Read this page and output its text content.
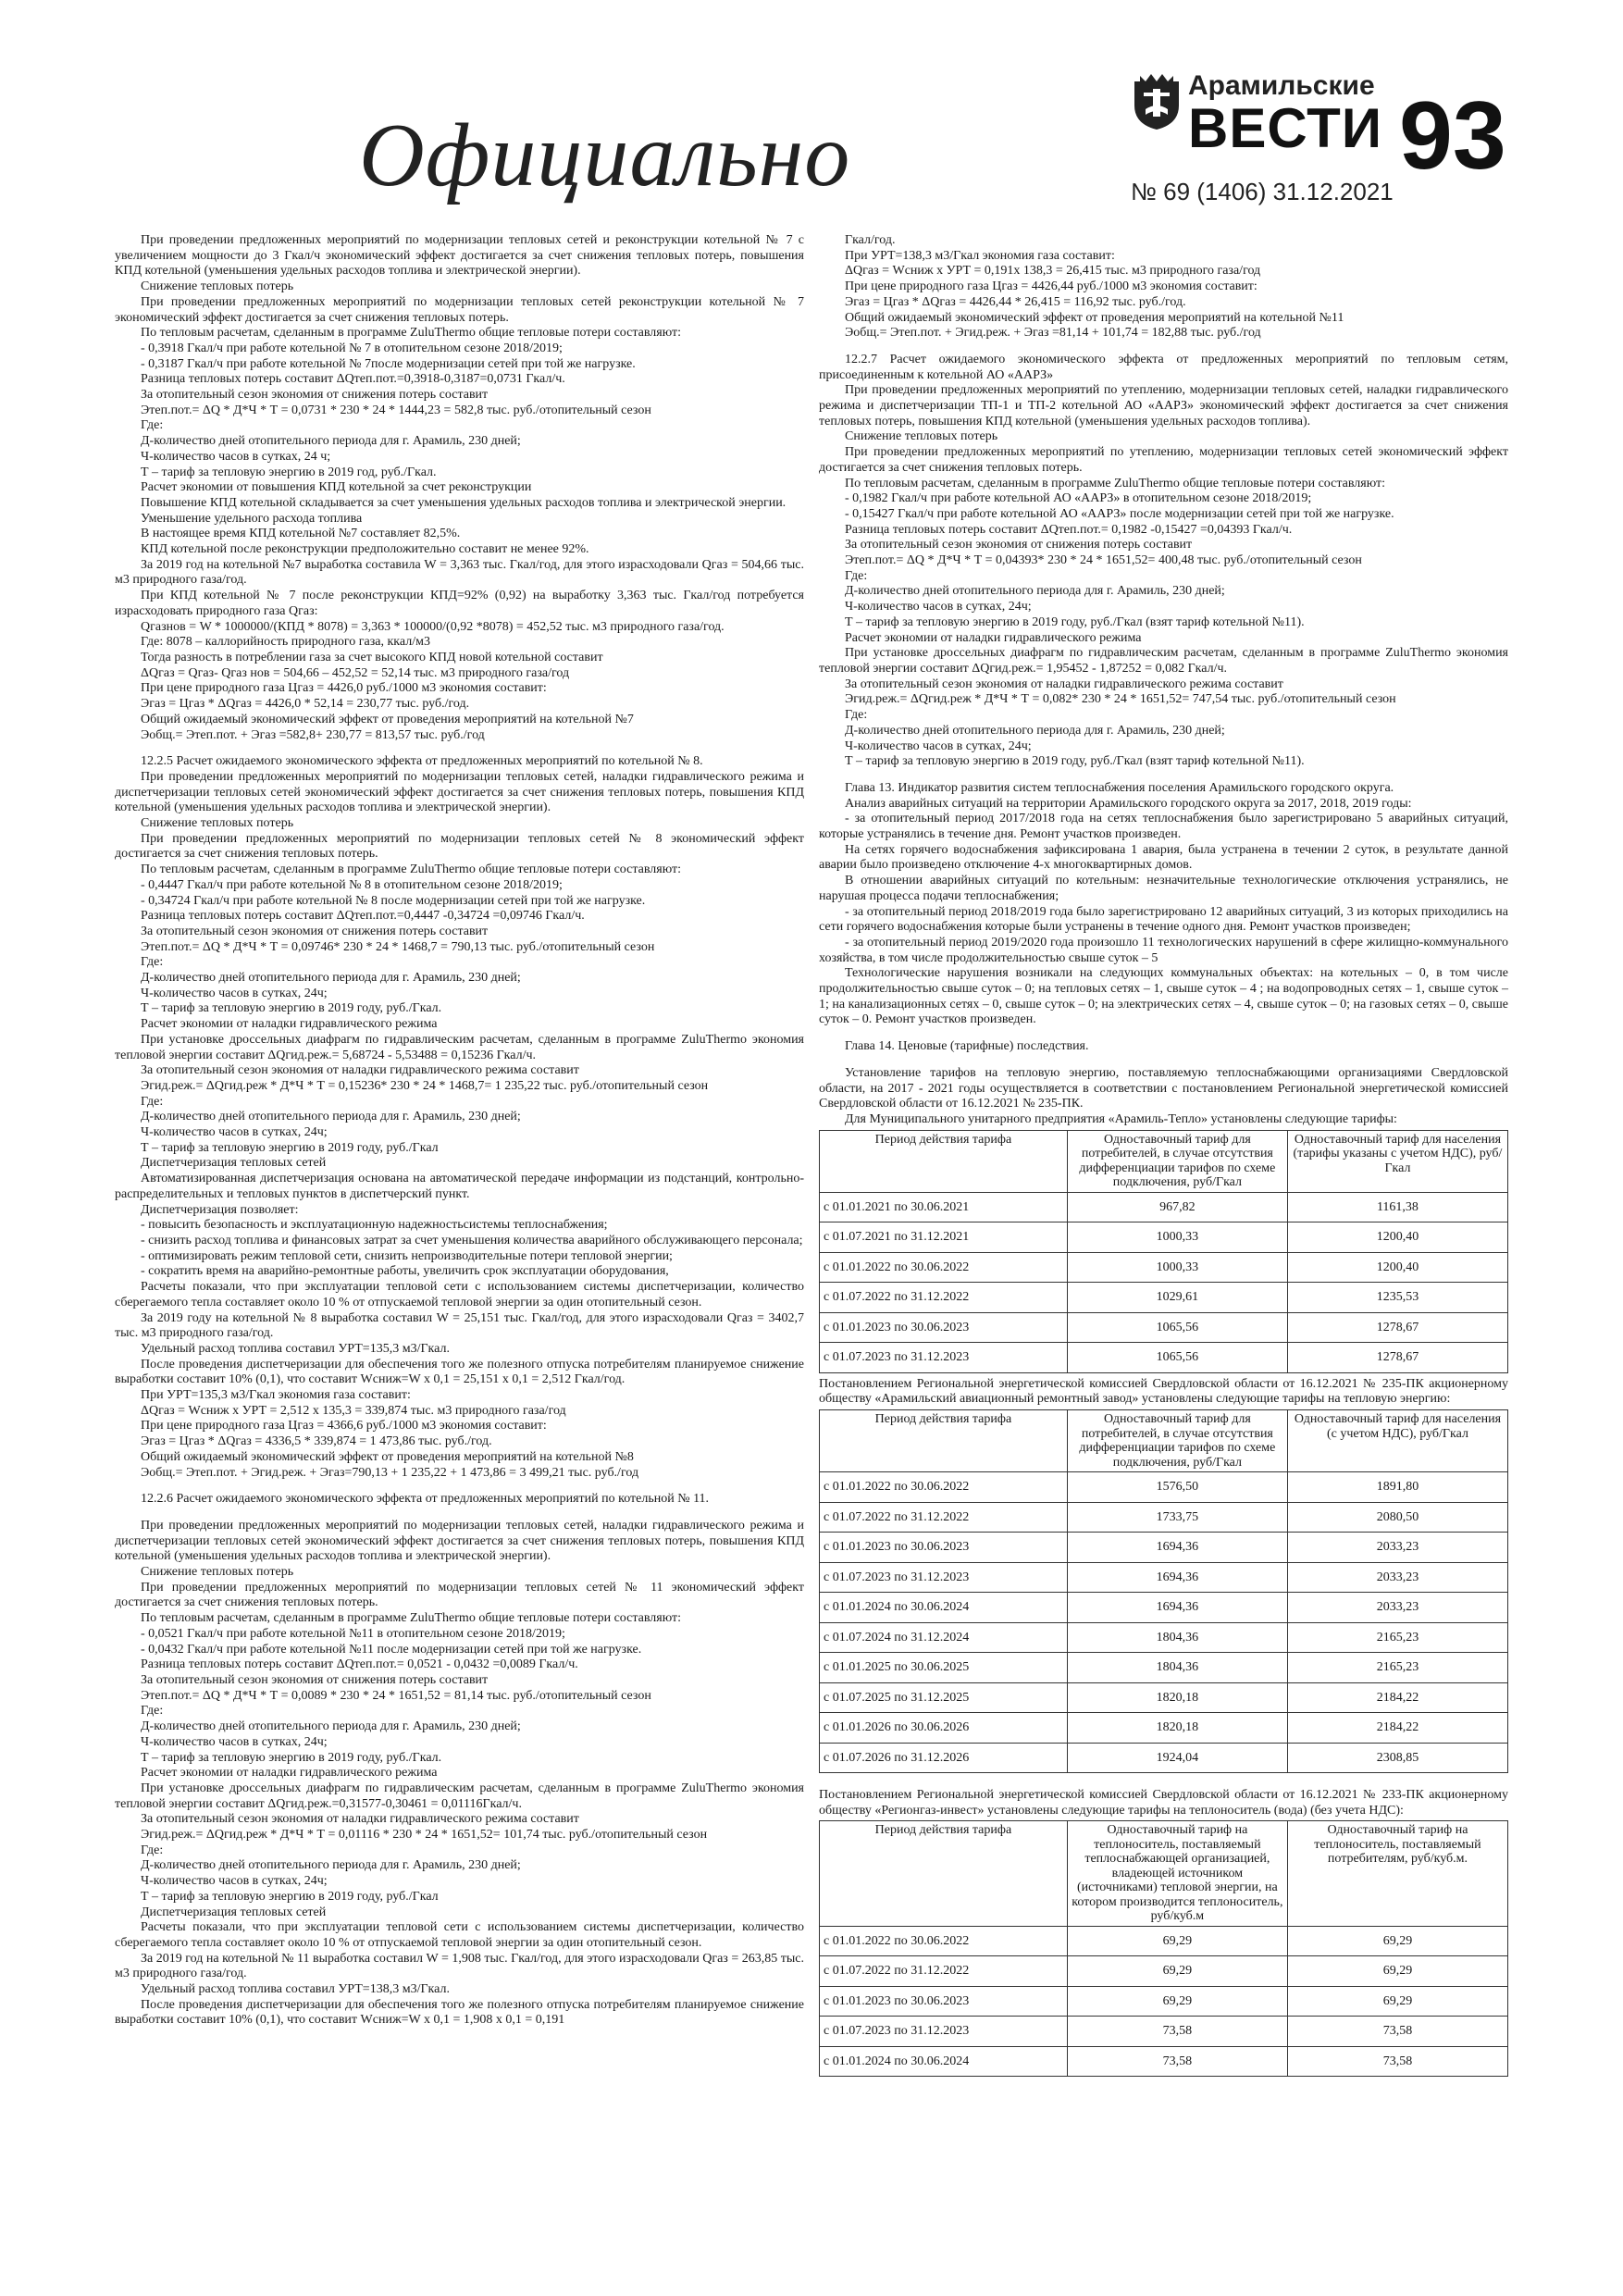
Официально
Арамильские
ВЕСТИ
№ 69 (1406) 31.12.2021
93
При проведении предложенных мероприятий по модернизации тепловых сетей и реконструкции котельной № 7 с увеличением мощности до 3 Гкал/ч экономический эффект достигается за счет снижения тепловых потерь, повышения КПД котельной (уменьшения удельных расходов топлива и электрической энергии).
Снижение тепловых потерь
При проведении предложенных мероприятий по модернизации тепловых сетей реконструкции котельной № 7 экономический эффект достигается за счет снижения тепловых потерь.
По тепловым расчетам, сделанным в программе ZuluThermo общие тепловые потери составляют:
- 0,3918 Гкал/ч при работе котельной № 7 в отопительном сезоне 2018/2019;
- 0,3187 Гкал/ч при работе котельной № 7после модернизации сетей при той же нагрузке.
Разница тепловых потерь составит ΔQтеп.пот.=0,3918-0,3187=0,0731 Гкал/ч.
За отопительный сезон экономия от снижения потерь составит
Этеп.пот.= ΔQ * Д*Ч * Т = 0,0731 * 230 * 24 * 1444,23 = 582,8 тыс. руб./отопительный сезон
Где:
Д-количество дней отопительного периода для г. Арамиль, 230 дней;
Ч-количество часов в сутках, 24 ч;
Т – тариф за тепловую энергию в 2019 год, руб./Гкал.
Расчет экономии от повышения КПД котельной за счет реконструкции
Повышение КПД котельной складывается за счет уменьшения удельных расходов топлива и электрической энергии.
Уменьшение удельного расхода топлива
В настоящее время КПД котельной №7 составляет 82,5%.
КПД котельной после реконструкции предположительно составит не менее 92%.
За 2019 год на котельной №7 выработка составила W = 3,363 тыс. Гкал/год, для этого израсходовали Qгаз = 504,66 тыс. м3 природного газа/год.
При КПД котельной № 7 после реконструкции КПД=92% (0,92) на выработку 3,363 тыс. Гкал/год потребуется израсходовать природного газа Qгаз:
Qгазнов = W * 1000000/(КПД * 8078) = 3,363 * 100000/(0,92 *8078) = 452,52 тыс. м3 природного газа/год.
Где: 8078 – каллорийность природного газа, ккал/м3
Тогда разность в потреблении газа за счет высокого КПД новой котельной составит
ΔQгаз = Qгаз- Qгаз нов = 504,66 – 452,52 = 52,14 тыс. м3 природного газа/год
При цене природного газа Цгаз = 4426,0 руб./1000 м3 экономия составит:
Эгаз = Цгаз * ΔQгаз = 4426,0 * 52,14 = 230,77 тыс. руб./год.
Общий ожидаемый экономический эффект от проведения мероприятий на котельной №7
Эобщ.= Этеп.пот. + Эгаз =582,8+ 230,77 = 813,57 тыс. руб./год
12.2.5 Расчет ожидаемого экономического эффекта от предложенных мероприятий по котельной № 8.
При проведении предложенных мероприятий по модернизации тепловых сетей, наладки гидравлического режима и диспетчеризации тепловых сетей экономический эффект достигается за счет снижения тепловых потерь, повышения КПД котельной (уменьшения удельных расходов топлива и электрической энергии).
Снижение тепловых потерь
При проведении предложенных мероприятий по модернизации тепловых сетей № 8 экономический эффект достигается за счет снижения тепловых потерь.
По тепловым расчетам, сделанным в программе ZuluThermo общие тепловые потери составляют:
- 0,4447 Гкал/ч при работе котельной № 8 в отопительном сезоне 2018/2019;
- 0,34724 Гкал/ч при работе котельной № 8 после модернизации сетей при той же нагрузке.
Разница тепловых потерь составит ΔQтеп.пот.=0,4447 -0,34724 =0,09746 Гкал/ч.
За отопительный сезон экономия от снижения потерь составит
Этеп.пот.= ΔQ * Д*Ч * Т = 0,09746* 230 * 24 * 1468,7 = 790,13 тыс. руб./отопительный сезон
Где:
Д-количество дней отопительного периода для г. Арамиль, 230 дней;
Ч-количество часов в сутках, 24ч;
Т – тариф за тепловую энергию в 2019 году, руб./Гкал.
Расчет экономии от наладки гидравлического режима
При установке дроссельных диафрагм по гидравлическим расчетам, сделанным в программе ZuluThermo экономия тепловой энергии составит ΔQгид.реж.= 5,68724 - 5,53488 = 0,15236 Гкал/ч.
За отопительный сезон экономия от наладки гидравлического режима составит
Эгид.реж.= ΔQгид.реж * Д*Ч * Т = 0,15236* 230 * 24 * 1468,7= 1 235,22 тыс. руб./отопительный сезон
Где:
Д-количество дней отопительного периода для г. Арамиль, 230 дней;
Ч-количество часов в сутках, 24ч;
Т – тариф за тепловую энергию в 2019 году, руб./Гкал
Диспетчеризация тепловых сетей
Автоматизированная диспетчеризация основана на автоматической передаче информации из подстанций, контрольно-распределительных и тепловых пунктов в диспетчерский пункт.
Диспетчеризация позволяет:
- повысить безопасность и эксплуатационную надежностьсистемы теплоснабжения;
- снизить расход топлива и финансовых затрат за счет уменьшения количества аварийного обслуживающего персонала;
- оптимизировать режим тепловой сети, снизить непроизводительные потери тепловой энергии;
- сократить время на аварийно-ремонтные работы, увеличить срок эксплуатации оборудования,
Расчеты показали, что при эксплуатации тепловой сети с использованием системы диспетчеризации, количество сберегаемого тепла составляет около 10 % от отпускаемой тепловой энергии за один отопительный сезон.
За 2019 году на котельной № 8 выработка составил W = 25,151 тыс. Гкал/год, для этого израсходовали Qгаз = 3402,7 тыс. м3 природного газа/год.
Удельный расход топлива составил УРТ=135,3 м3/Гкал.
После проведения диспетчеризации для обеспечения того же полезного отпуска потребителям планируемое снижение выработки составит 10% (0,1), что составит Wсниж=W х 0,1 = 25,151 х 0,1 = 2,512 Гкал/год.
При УРТ=135,3 м3/Гкал экономия газа составит:
ΔQгаз = Wсниж х УРТ = 2,512 х 135,3 = 339,874 тыс. м3 природного газа/год
При цене природного газа Цгаз = 4366,6 руб./1000 м3 экономия составит:
Эгаз = Цгаз * ΔQгаз = 4336,5 * 339,874 = 1 473,86 тыс. руб./год.
Общий ожидаемый экономический эффект от проведения мероприятий на котельной №8
Эобщ.= Этеп.пот. + Эгид.реж. + Эгаз=790,13 + 1 235,22 + 1 473,86 = 3 499,21 тыс. руб./год
12.2.6 Расчет ожидаемого экономического эффекта от предложенных мероприятий по котельной № 11.
При проведении предложенных мероприятий по модернизации тепловых сетей, наладки гидравлического режима и диспетчеризации тепловых сетей экономический эффект достигается за счет снижения тепловых потерь, повышения КПД котельной (уменьшения удельных расходов топлива и электрической энергии).
Снижение тепловых потерь
При проведении предложенных мероприятий по модернизации тепловых сетей № 11 экономический эффект достигается за счет снижения тепловых потерь.
По тепловым расчетам, сделанным в программе ZuluThermo общие тепловые потери составляют:
- 0,0521 Гкал/ч при работе котельной №11 в отопительном сезоне 2018/2019;
- 0,0432 Гкал/ч при работе котельной №11 после модернизации сетей при той же нагрузке.
Разница тепловых потерь составит ΔQтеп.пот.= 0,0521 - 0,0432 =0,0089 Гкал/ч.
За отопительный сезон экономия от снижения потерь составит
Этеп.пот.= ΔQ * Д*Ч * Т = 0,0089 * 230 * 24 * 1651,52 = 81,14 тыс. руб./отопительный сезон
Где:
Д-количество дней отопительного периода для г. Арамиль, 230 дней;
Ч-количество часов в сутках, 24ч;
Т – тариф за тепловую энергию в 2019 году, руб./Гкал.
Расчет экономии от наладки гидравлического режима
При установке дроссельных диафрагм по гидравлическим расчетам, сделанным в программе ZuluThermo экономия тепловой энергии составит ΔQгид.реж.=0,31577-0,30461 = 0,01116Гкал/ч.
За отопительный сезон экономия от наладки гидравлического режима составит
Эгид.реж.= ΔQгид.реж * Д*Ч * Т = 0,01116 * 230 * 24 * 1651,52= 101,74 тыс. руб./отопительный сезон
Где:
Д-количество дней отопительного периода для г. Арамиль, 230 дней;
Ч-количество часов в сутках, 24ч;
Т – тариф за тепловую энергию в 2019 году, руб./Гкал
Диспетчеризация тепловых сетей
Расчеты показали, что при эксплуатации тепловой сети с использованием системы диспетчеризации, количество сберегаемого тепла составляет около 10 % от отпускаемой тепловой энергии за один отопительный сезон.
За 2019 год на котельной № 11 выработка составил W = 1,908 тыс. Гкал/год, для этого израсходовали Qгаз = 263,85 тыс. м3 природного газа/год.
Удельный расход топлива составил УРТ=138,3 м3/Гкал.
После проведения диспетчеризации для обеспечения того же полезного отпуска потребителям планируемое снижение выработки составит 10% (0,1), что составит Wсниж=W х 0,1 = 1,908 х 0,1 = 0,191
Гкал/год.
При УРТ=138,3 м3/Гкал экономия газа составит:
ΔQгаз = Wсниж х УРТ = 0,191х 138,3 = 26,415 тыс. м3 природного газа/год
При цене природного газа Цгаз = 4426,44 руб./1000 м3 экономия составит:
Эгаз = Цгаз * ΔQгаз = 4426,44 * 26,415 = 116,92 тыс. руб./год.
Общий ожидаемый экономический эффект от проведения мероприятий на котельной №11
Эобщ.= Этеп.пот. + Эгид.реж. + Эгаз =81,14 + 101,74 = 182,88 тыс. руб./год
12.2.7 Расчет ожидаемого экономического эффекта от предложенных мероприятий по тепловым сетям, присоединенным к котельной АО «ААРЗ»
При проведении предложенных мероприятий по утеплению, модернизации тепловых сетей, наладки гидравлического режима и диспетчеризации ТП-1 и ТП-2 котельной АО «ААРЗ» экономический эффект достигается за счет снижения тепловых потерь, повышения КПД котельной (уменьшения удельных расходов топлива).
Снижение тепловых потерь
При проведении предложенных мероприятий по утеплению, модернизации тепловых сетей экономический эффект достигается за счет снижения тепловых потерь.
По тепловым расчетам, сделанным в программе ZuluThermo общие тепловые потери составляют:
- 0,1982 Гкал/ч при работе котельной АО «ААРЗ» в отопительном сезоне 2018/2019;
- 0,15427 Гкал/ч при работе котельной АО «ААРЗ» после модернизации сетей при той же нагрузке.
Разница тепловых потерь составит ΔQтеп.пот.= 0,1982 -0,15427 =0,04393 Гкал/ч.
За отопительный сезон экономия от снижения потерь составит
Этеп.пот.= ΔQ * Д*Ч * Т = 0,04393* 230 * 24 * 1651,52= 400,48 тыс. руб./отопительный сезон
Где:
Д-количество дней отопительного периода для г. Арамиль, 230 дней;
Ч-количество часов в сутках, 24ч;
Т – тариф за тепловую энергию в 2019 году, руб./Гкал (взят тариф котельной №11).
Расчет экономии от наладки гидравлического режима
При установке дроссельных диафрагм по гидравлическим расчетам, сделанным в программе ZuluThermo экономия тепловой энергии составит ΔQгид.реж.= 1,95452 - 1,87252 = 0,082 Гкал/ч.
За отопительный сезон экономия от наладки гидравлического режима составит
Эгид.реж.= ΔQгид.реж * Д*Ч * Т = 0,082* 230 * 24 * 1651,52= 747,54 тыс. руб./отопительный сезон
Где:
Д-количество дней отопительного периода для г. Арамиль, 230 дней;
Ч-количество часов в сутках, 24ч;
Т – тариф за тепловую энергию в 2019 году, руб./Гкал (взят тариф котельной №11).
Глава 13. Индикатор развития систем теплоснабжения поселения Арамильского городского округа.
Анализ аварийных ситуаций на территории Арамильского городского округа за 2017, 2018, 2019 годы:
- за отопительный период 2017/2018 года на сетях теплоснабжения было зарегистрировано 5 аварийных ситуаций, которые устранялись в течение дня. Ремонт участков произведен.
На сетях горячего водоснабжения зафиксирована 1 авария, была устранена в течении 2 суток, в результате данной аварии было произведено отключение 4-х многоквартирных домов.
В отношении аварийных ситуаций по котельным: незначительные технологические отключения устранялись, не нарушая процесса подачи теплоснабжения;
- за отопительный период 2018/2019 года было зарегистрировано 12 аварийных ситуаций, 3 из которых приходились на сети горячего водоснабжения которые были устранены в течение одного дня. Ремонт участков произведен;
- за отопительный период 2019/2020 года произошло 11 технологических нарушений в сфере жилищно-коммунального хозяйства, в том числе продолжительностью свыше суток – 5
Технологические нарушения возникали на следующих коммунальных объектах: на котельных – 0, в том числе продолжительностью свыше суток – 0; на тепловых сетях – 1, свыше суток – 4 ; на водопроводных сетях – 1, свыше суток – 1; на канализационных сетях – 0, свыше суток – 0; на электрических сетях – 4, свыше суток – 0; на газовых сетях – 0, свыше суток – 0. Ремонт участков произведен.
Глава 14. Ценовые (тарифные) последствия.
Установление тарифов на тепловую энергию, поставляемую теплоснабжающими организациями Свердловской области, на 2017 - 2021 годы осуществляется в соответствии с постановлением Региональной энергетической комиссией Свердловской области от 16.12.2021 № 235-ПК.
Для Муниципального унитарного предприятия «Арамиль-Тепло» установлены следующие тарифы:
Период действия тарифа	Одноставочный тариф для потребителей, в случае отсутствия дифференциации тарифов по схеме подключения, руб/Гкал	Одноставочный тариф для населения (тарифы указаны с учетом НДС), руб/Гкал
с 01.01.2021 по 30.06.2021	967,82	1161,38
с 01.07.2021 по 31.12.2021	1000,33	1200,40
с 01.01.2022 по 30.06.2022	1000,33	1200,40
с 01.07.2022 по 31.12.2022	1029,61	1235,53
с 01.01.2023 по 30.06.2023	1065,56	1278,67
с 01.07.2023 по 31.12.2023	1065,56	1278,67
Постановлением Региональной энергетической комиссией Свердловской области от 16.12.2021 № 235-ПК акционерному обществу «Арамильский авиационный ремонтный завод» установлены следующие тарифы на тепловую энергию:
Период действия тарифа	Одноставочный тариф для потребителей, в случае отсутствия дифференциации тарифов по схеме подключения, руб/Гкал	Одноставочный тариф для населения (с учетом НДС), руб/Гкал
с 01.01.2022 по 30.06.2022	1576,50	1891,80
с 01.07.2022 по 31.12.2022	1733,75	2080,50
с 01.01.2023 по 30.06.2023	1694,36	2033,23
с 01.07.2023 по 31.12.2023	1694,36	2033,23
с 01.01.2024 по 30.06.2024	1694,36	2033,23
с 01.07.2024 по 31.12.2024	1804,36	2165,23
с 01.01.2025 по 30.06.2025	1804,36	2165,23
с 01.07.2025 по 31.12.2025	1820,18	2184,22
с 01.01.2026 по 30.06.2026	1820,18	2184,22
с 01.07.2026 по 31.12.2026	1924,04	2308,85
Постановлением Региональной энергетической комиссией Свердловской области от 16.12.2021 № 233-ПК акционерному обществу «Регионгаз-инвест» установлены следующие тарифы на теплоноситель (вода) (без учета НДС):
Период действия тарифа	Одноставочный тариф на теплоноситель, поставляемый теплоснабжающей организацией, владеющей источником (источниками) тепловой энергии, на котором производится теплоноситель, руб/куб.м	Одноставочный тариф на теплоноситель, поставляемый потребителям, руб/куб.м.
с 01.01.2022 по 30.06.2022	69,29	69,29
с 01.07.2022 по 31.12.2022	69,29	69,29
с 01.01.2023 по 30.06.2023	69,29	69,29
с 01.07.2023 по 31.12.2023	73,58	73,58
с 01.01.2024 по 30.06.2024	73,58	73,58
